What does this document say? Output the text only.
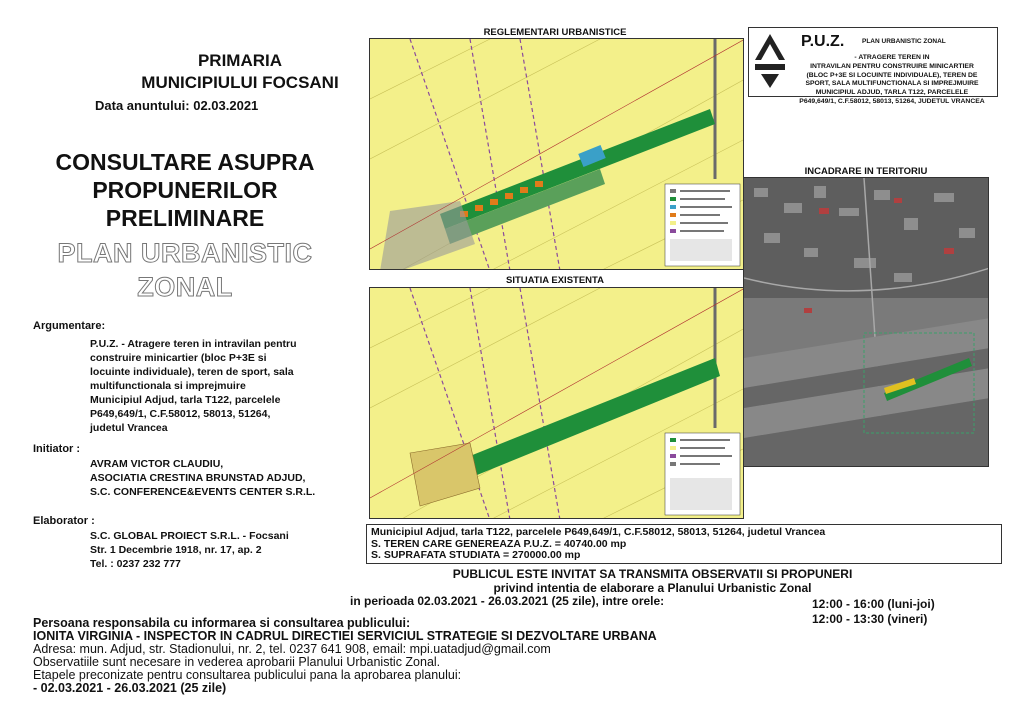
PRIMARIA
MUNICIPIULUI FOCSANI
Data anuntului: 02.03.2021
CONSULTARE ASUPRA
PROPUNERILOR
PRELIMINARE
PLAN URBANISTIC
ZONAL
Argumentare:
P.U.Z. - Atragere teren in intravilan pentru
construire minicartier (bloc P+3E si
locuinte individuale), teren de sport, sala
multifunctionala si imprejmuire
Municipiul Adjud, tarla T122, parcelele
P649,649/1, C.F.58012, 58013, 51264,
judetul Vrancea
Initiator :
AVRAM VICTOR CLAUDIU,
ASOCIATIA CRESTINA BRUNSTAD ADJUD,
S.C. CONFERENCE&EVENTS CENTER S.R.L.
Elaborator :
S.C. GLOBAL PROIECT S.R.L. - Focsani
Str. 1 Decembrie 1918, nr. 17, ap. 2
Tel. : 0237 232 777
REGLEMENTARI URBANISTICE
SITUATIA EXISTENTA
P.U.Z.	PLAN URBANISTIC ZONAL
- ATRAGERE TEREN IN
INTRAVILAN PENTRU CONSTRUIRE MINICARTIER
(BLOC P+3E SI LOCUINTE INDIVIDUALE), TEREN DE
SPORT, SALA MULTIFUNCTIONALA SI IMPREJMUIRE
MUNICIPIUL ADJUD, TARLA T122, PARCELELE
P649,649/1, C.F.58012, 58013, 51264, JUDETUL VRANCEA
INCADRARE IN TERITORIU
Municipiul Adjud, tarla T122, parcelele P649,649/1, C.F.58012, 58013, 51264, judetul Vrancea
S. TEREN CARE GENEREAZA P.U.Z. = 40740.00 mp
S. SUPRAFATA STUDIATA = 270000.00 mp
PUBLICUL ESTE INVITAT SA TRANSMITA OBSERVATII SI PROPUNERI
privind intentia de elaborare a Planului Urbanistic Zonal
in perioada 02.03.2021 - 26.03.2021 (25 zile), intre orele:	12:00 - 16:00 (luni-joi)
12:00 - 13:30 (vineri)
Persoana responsabila cu informarea si consultarea publicului:
IONITA VIRGINIA - INSPECTOR IN CADRUL DIRECTIEI SERVICIUL STRATEGIE SI DEZVOLTARE URBANA
Adresa: mun. Adjud, str. Stadionului, nr. 2, tel. 0237 641 908, email: mpi.uatadjud@gmail.com
Observatiile sunt necesare in vederea aprobarii Planului Urbanistic Zonal.
Etapele preconizate pentru consultarea publicului pana la aprobarea planului:
- 02.03.2021 - 26.03.2021 (25 zile)
